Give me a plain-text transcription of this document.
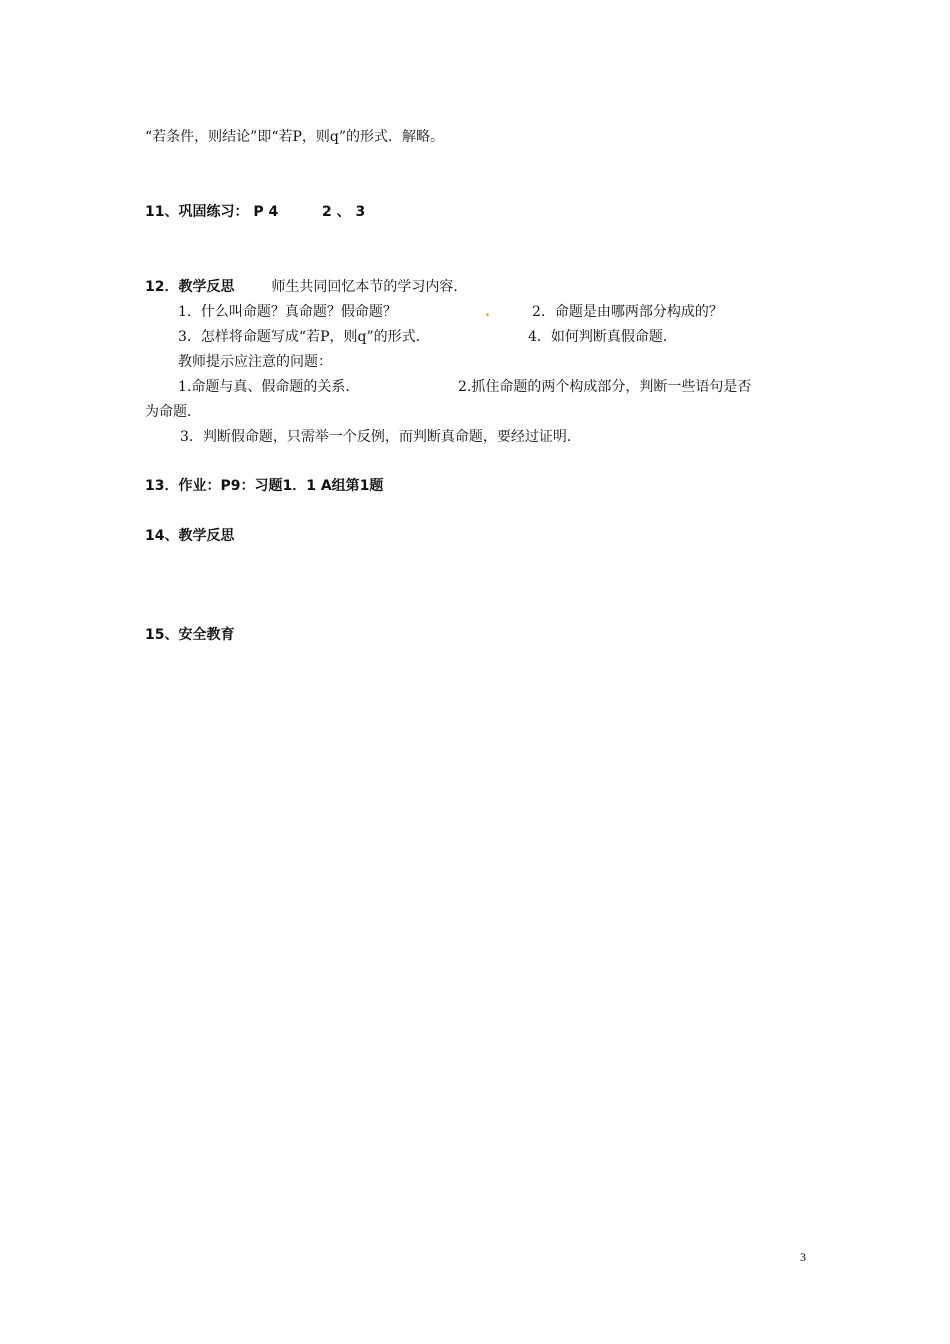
“若条件，则结论”即“若P，则q”的形式．解略。
11、巩固练习： P 4	2 、 3
12．教学反思	师生共同回忆本节的学习内容．
1．什么叫命题？真命题？假命题？	.	2．命题是由哪两部分构成的？
3．怎样将命题写成“若P，则q”的形式．	4．如何判断真假命题．
教师提示应注意的问题：
1.命题与真、假命题的关系．	2.抓住命题的两个构成部分，判断一些语句是否
为命题．
3．判断假命题，只需举一个反例，而判断真命题，要经过证明．
13．作业：P9：习题1．1 A组第1题
14、教学反思
15、安全教育
3
